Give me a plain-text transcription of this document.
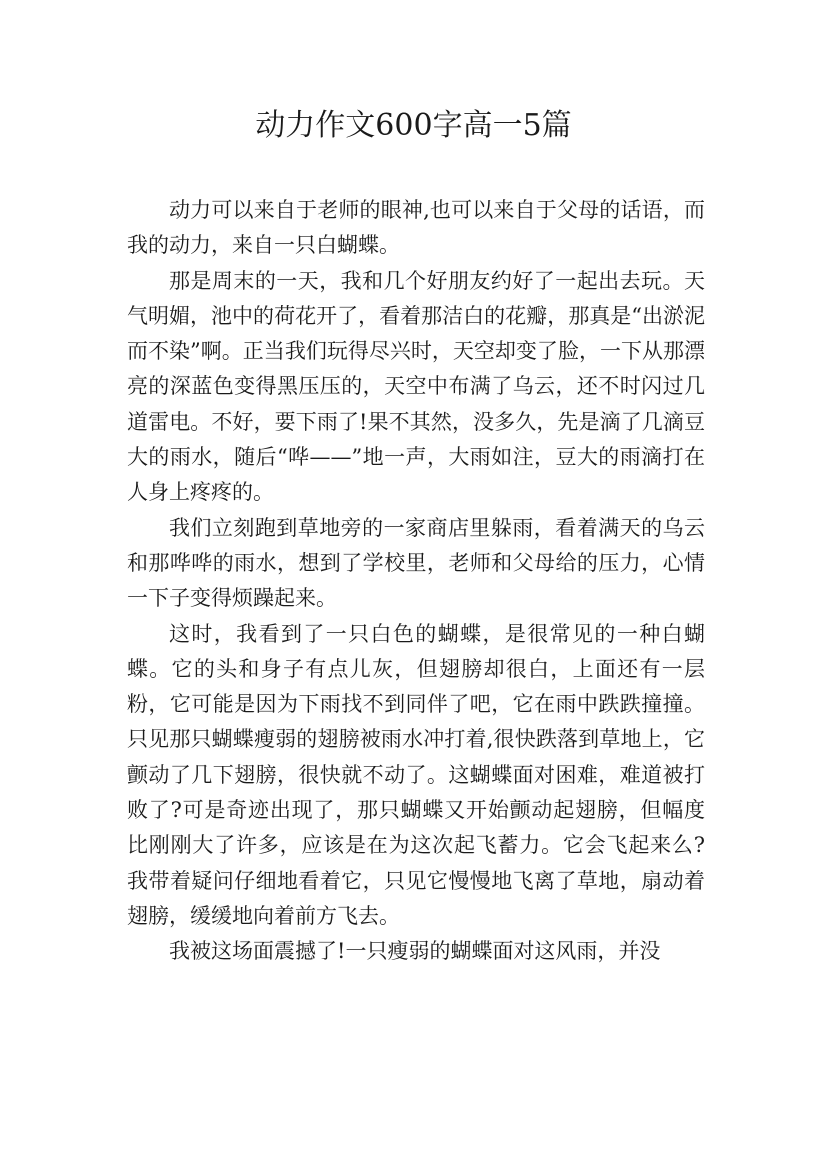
动力作文600字高一5篇

动力可以来自于老师的眼神,也可以来自于父母的话语，而我的动力，来自一只白蝴蝶。

那是周末的一天，我和几个好朋友约好了一起出去玩。天气明媚，池中的荷花开了，看着那洁白的花瓣，那真是“出淤泥而不染”啊。正当我们玩得尽兴时，天空却变了脸，一下从那漂亮的深蓝色变得黑压压的，天空中布满了乌云，还不时闪过几道雷电。不好，要下雨了!果不其然，没多久，先是滴了几滴豆大的雨水，随后“哗——”地一声，大雨如注，豆大的雨滴打在人身上疼疼的。

我们立刻跑到草地旁的一家商店里躲雨，看着满天的乌云和那哗哗的雨水，想到了学校里，老师和父母给的压力，心情一下子变得烦躁起来。

这时，我看到了一只白色的蝴蝶，是很常见的一种白蝴蝶。它的头和身子有点儿灰，但翅膀却很白，上面还有一层粉，它可能是因为下雨找不到同伴了吧，它在雨中跌跌撞撞。只见那只蝴蝶瘦弱的翅膀被雨水冲打着,很快跌落到草地上，它颤动了几下翅膀，很快就不动了。这蝴蝶面对困难，难道被打败了?可是奇迹出现了，那只蝴蝶又开始颤动起翅膀，但幅度比刚刚大了许多，应该是在为这次起飞蓄力。它会飞起来么?我带着疑问仔细地看着它，只见它慢慢地飞离了草地，扇动着翅膀，缓缓地向着前方飞去。

我被这场面震撼了!一只瘦弱的蝴蝶面对这风雨，并没
